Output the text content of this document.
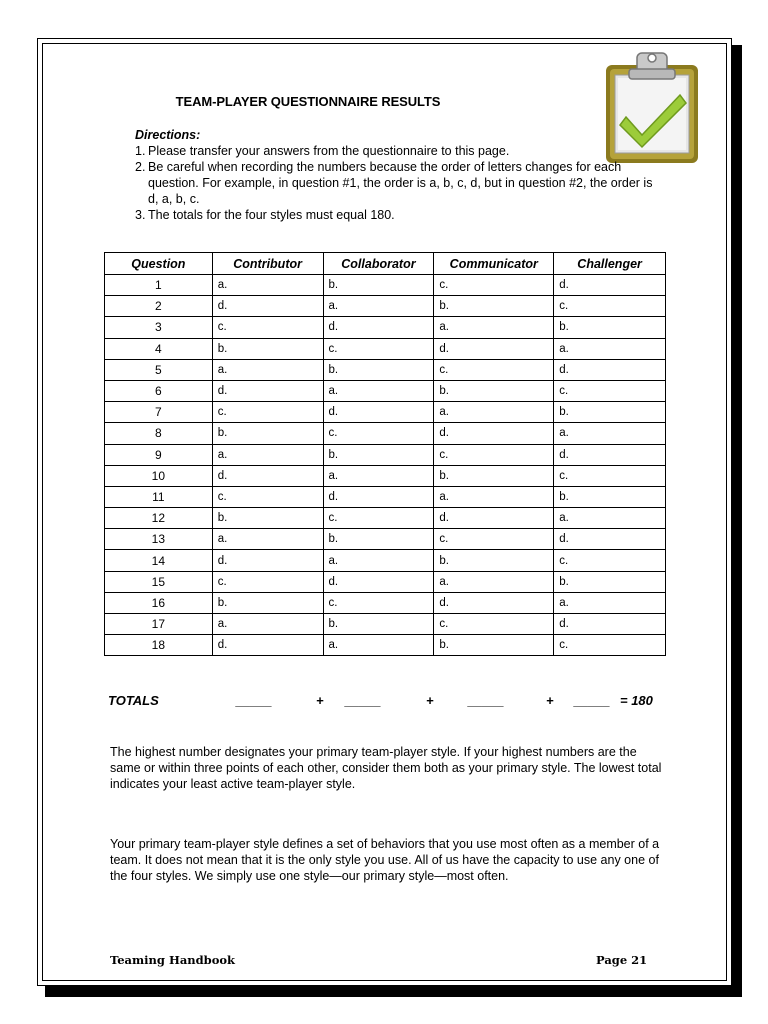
TEAM-PLAYER QUESTIONNAIRE RESULTS
Directions:
1. Please transfer your answers from the questionnaire to this page.
2. Be careful when recording the numbers because the order of letters changes for each question. For example, in question #1, the order is a, b, c, d, but in question #2, the order is d, a, b, c.
3. The totals for the four styles must equal 180.
Question	Contributor	Collaborator	Communicator	Challenger
1	a.	b.	c.	d.
2	d.	a.	b.	c.
3	c.	d.	a.	b.
4	b.	c.	d.	a.
5	a.	b.	c.	d.
6	d.	a.	b.	c.
7	c.	d.	a.	b.
8	b.	c.	d.	a.
9	a.	b.	c.	d.
10	d.	a.	b.	c.
11	c.	d.	a.	b.
12	b.	c.	d.	a.
13	a.	b.	c.	d.
14	d.	a.	b.	c.
15	c.	d.	a.	b.
16	b.	c.	d.	a.
17	a.	b.	c.	d.
18	d.	a.	b.	c.
TOTALS	_____	+ _____	+	_____	+ _____ = 180
The highest number designates your primary team-player style. If your highest numbers are the same or within three points of each other, consider them both as your primary style. The lowest total indicates your least active team-player style.
Your primary team-player style defines a set of behaviors that you use most often as a member of a team. It does not mean that it is the only style you use. All of us have the capacity to use any one of the four styles. We simply use one style—our primary style—most often.
Teaming Handbook	Page 21
